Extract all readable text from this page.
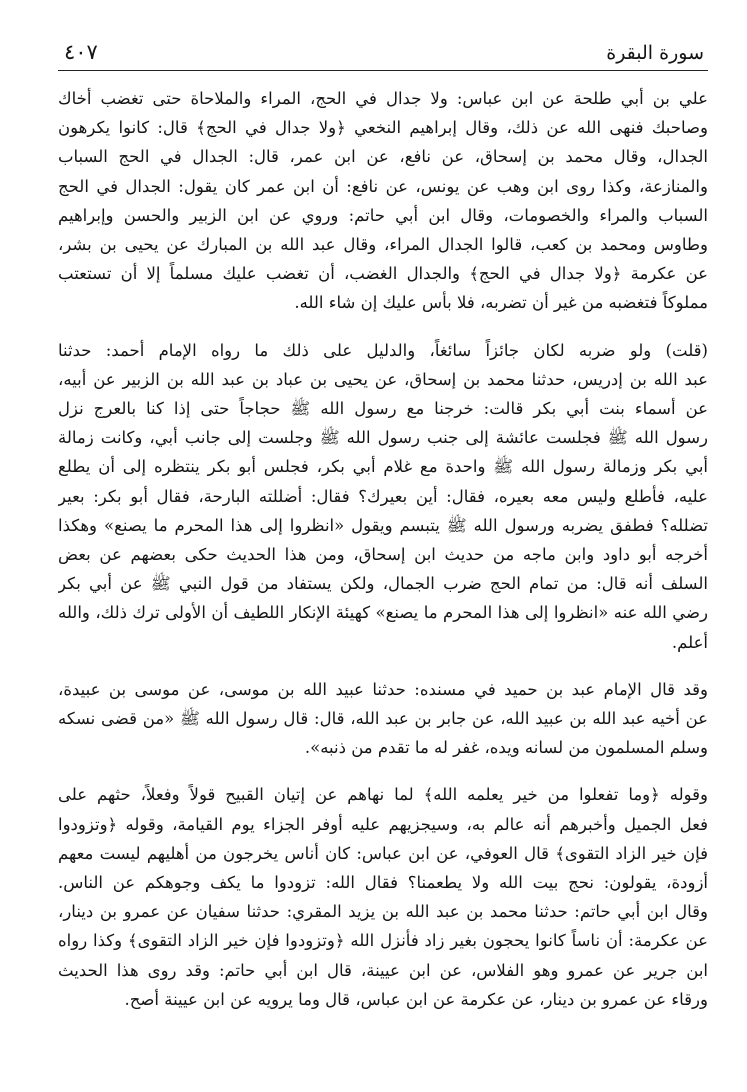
سورة البقرة
٤٠٧
علي بن أبي طلحة عن ابن عباس: ولا جدال في الحج، المراء والملاحاة حتى تغضب أخاك
وصاحبك فنهى الله عن ذلك، وقال إبراهيم النخعي ﴿ولا جدال في الحج﴾ قال: كانوا يكرهون
الجدال، وقال محمد بن إسحاق، عن نافع، عن ابن عمر، قال: الجدال في الحج السباب
والمنازعة، وكذا روى ابن وهب عن يونس، عن نافع: أن ابن عمر كان يقول: الجدال في الحج
السباب والمراء والخصومات، وقال ابن أبي حاتم: وروي عن ابن الزبير والحسن وإبراهيم
وطاوس ومحمد بن كعب، قالوا الجدال المراء، وقال عبد الله بن المبارك عن يحيى بن بشر،
عن عكرمة ﴿ولا جدال في الحج﴾ والجدال الغضب، أن تغضب عليك مسلماً إلا أن تستعتب
مملوكاً فتغضبه من غير أن تضربه، فلا بأس عليك إن شاء الله.
(قلت) ولو ضربه لكان جائزاً سائغاً، والدليل على ذلك ما رواه الإمام أحمد: حدثنا
عبد الله بن إدريس، حدثنا محمد بن إسحاق، عن يحيى بن عباد بن عبد الله بن الزبير عن أبيه،
عن أسماء بنت أبي بكر قالت: خرجنا مع رسول الله ﷺ حجاجاً حتى إذا كنا بالعرج نزل
رسول الله ﷺ فجلست عائشة إلى جنب رسول الله ﷺ وجلست إلى جانب أبي، وكانت زمالة
أبي بكر وزمالة رسول الله ﷺ واحدة مع غلام أبي بكر، فجلس أبو بكر ينتظره إلى أن يطلع
عليه، فأطلع وليس معه بعيره، فقال: أين بعيرك؟ فقال: أضللته البارحة، فقال أبو بكر: بعير
تضلله؟ فطفق يضربه ورسول الله ﷺ يتبسم ويقول «انظروا إلى هذا المحرم ما يصنع» وهكذا
أخرجه أبو داود وابن ماجه من حديث ابن إسحاق، ومن هذا الحديث حكى بعضهم عن بعض
السلف أنه قال: من تمام الحج ضرب الجمال، ولكن يستفاد من قول النبي ﷺ عن أبي بكر
رضي الله عنه «انظروا إلى هذا المحرم ما يصنع» كهيئة الإنكار اللطيف أن الأولى ترك ذلك، والله
أعلم.
وقد قال الإمام عبد بن حميد في مسنده: حدثنا عبيد الله بن موسى، عن موسى بن عبيدة،
عن أخيه عبد الله بن عبيد الله، عن جابر بن عبد الله، قال: قال رسول الله ﷺ «من قضى نسكه
وسلم المسلمون من لسانه ويده، غفر له ما تقدم من ذنبه».
وقوله ﴿وما تفعلوا من خير يعلمه الله﴾ لما نهاهم عن إتيان القبيح قولاً وفعلاً، حثهم على
فعل الجميل وأخبرهم أنه عالم به، وسيجزيهم عليه أوفر الجزاء يوم القيامة، وقوله ﴿وتزودوا
فإن خير الزاد التقوى﴾ قال العوفي، عن ابن عباس: كان أناس يخرجون من أهليهم ليست معهم
أزودة، يقولون: نحج بيت الله ولا يطعمنا؟ فقال الله: تزودوا ما يكف وجوهكم عن الناس.
وقال ابن أبي حاتم: حدثنا محمد بن عبد الله بن يزيد المقري: حدثنا سفيان عن عمرو بن دينار،
عن عكرمة: أن ناساً كانوا يحجون بغير زاد فأنزل الله ﴿وتزودوا فإن خير الزاد التقوى﴾ وكذا رواه
ابن جرير عن عمرو وهو الفلاس، عن ابن عيينة، قال ابن أبي حاتم: وقد روى هذا الحديث
ورقاء عن عمرو بن دينار، عن عكرمة عن ابن عباس، قال وما يرويه عن ابن عيينة أصح.
